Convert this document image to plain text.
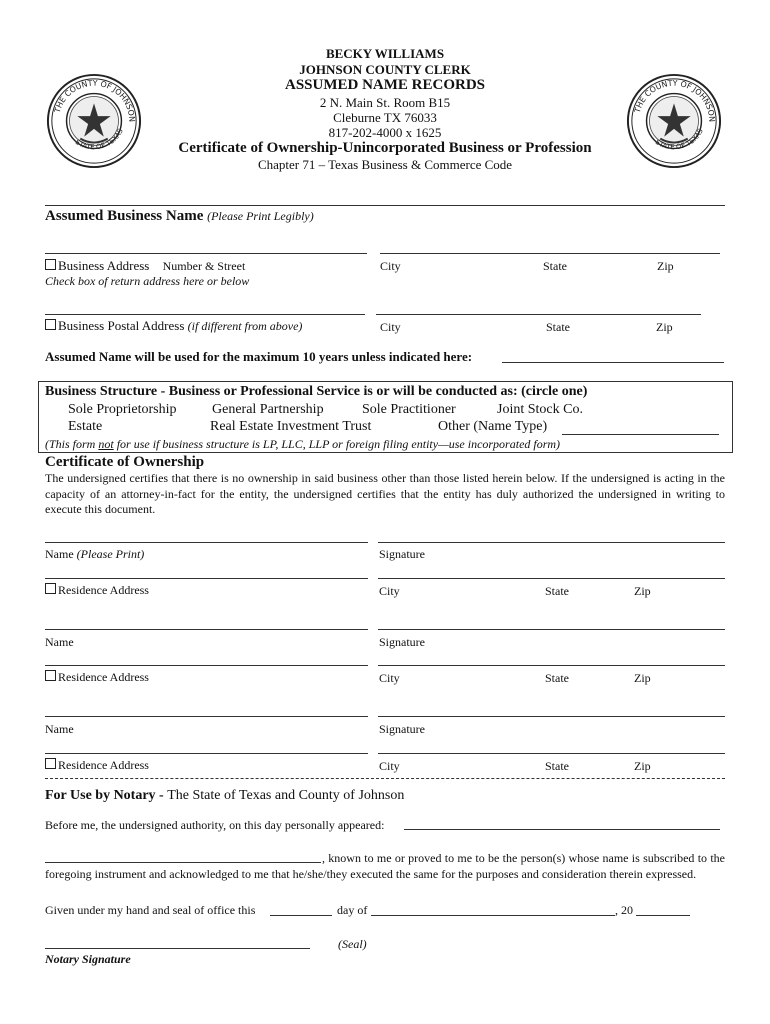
THE COUNTY OF JOHNSON
STATE OF TEXAS
THE COUNTY OF JOHNSON
STATE OF TEXAS
BECKY WILLIAMS
JOHNSON COUNTY CLERK
ASSUMED NAME RECORDS
2 N. Main St. Room B15
Cleburne TX 76033
817-202-4000 x 1625
Certificate of Ownership-Unincorporated Business or Profession
Chapter 71 – Texas Business & Commerce Code
Assumed Business Name (Please Print Legibly)
Business Address Number & Street	City	State	Zip
Check box of return address here or below
Business Postal Address (if different from above)	City	State	Zip
Assumed Name will be used for the maximum 10 years unless indicated here:
Business Structure - Business or Professional Service is or will be conducted as: (circle one)
Sole Proprietorship	General Partnership	Sole Practitioner	Joint Stock Co.
Estate	Real Estate Investment Trust	Other (Name Type)
(This form not for use if business structure is LP, LLC, LLP or foreign filing entity—use incorporated form)
Certificate of Ownership
The undersigned certifies that there is no ownership in said business other than those listed herein below. If the undersigned is acting in the capacity of an attorney-in-fact for the entity, the undersigned certifies that the entity has duly authorized the undersigned in writing to execute this document.
Name (Please Print)	Signature
Residence Address	City	State	Zip
Name	Signature
Residence Address	City	State	Zip
Name	Signature
Residence Address	City	State	Zip
For Use by Notary - The State of Texas and County of Johnson
Before me, the undersigned authority, on this day personally appeared:
, known to me or proved to me to be the person(s) whose name is subscribed to the foregoing instrument and acknowledged to me that he/she/they executed the same for the purposes and consideration therein expressed.
Given under my hand and seal of office this	day of	, 20
(Seal)
Notary Signature
